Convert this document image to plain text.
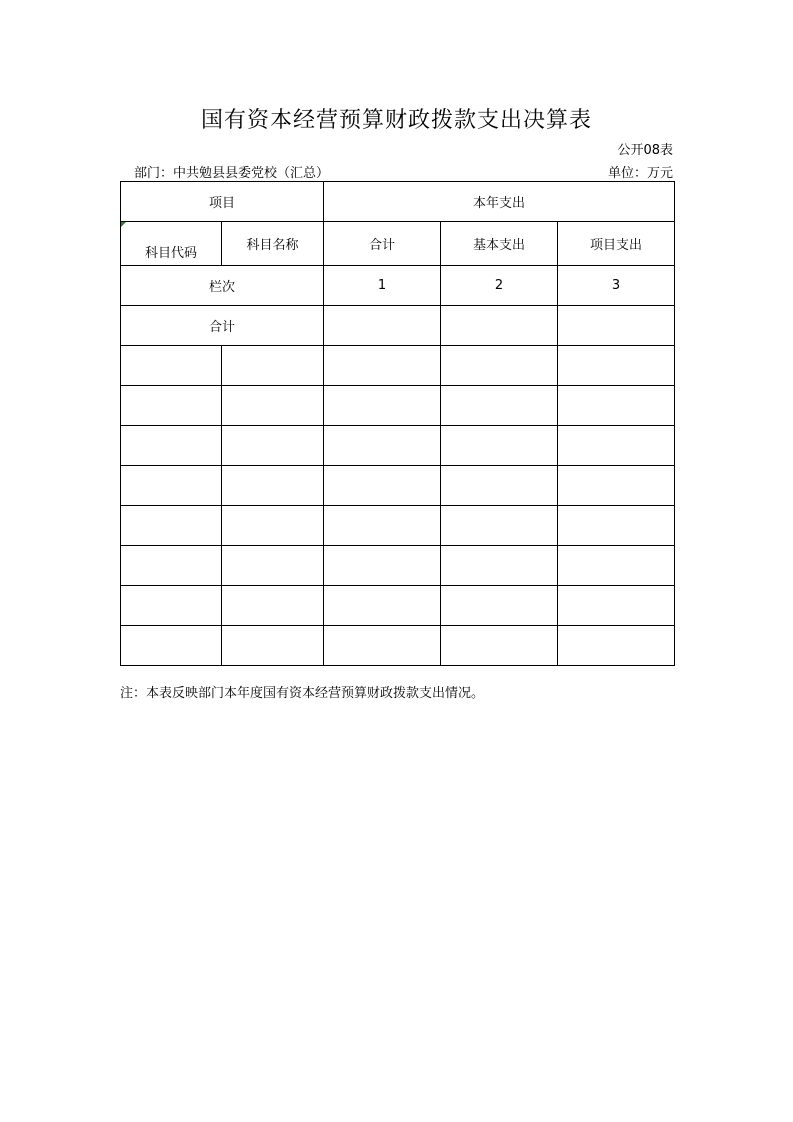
国有资本经营预算财政拨款支出决算表
公开08表
部门：中共勉县县委党校（汇总）	单位：万元
项目		本年支出		

科目代码	科目名称	合计	基本支出	项目支出
栏次		1	2	3
合计				

注：本表反映部门本年度国有资本经营预算财政拨款支出情况。
